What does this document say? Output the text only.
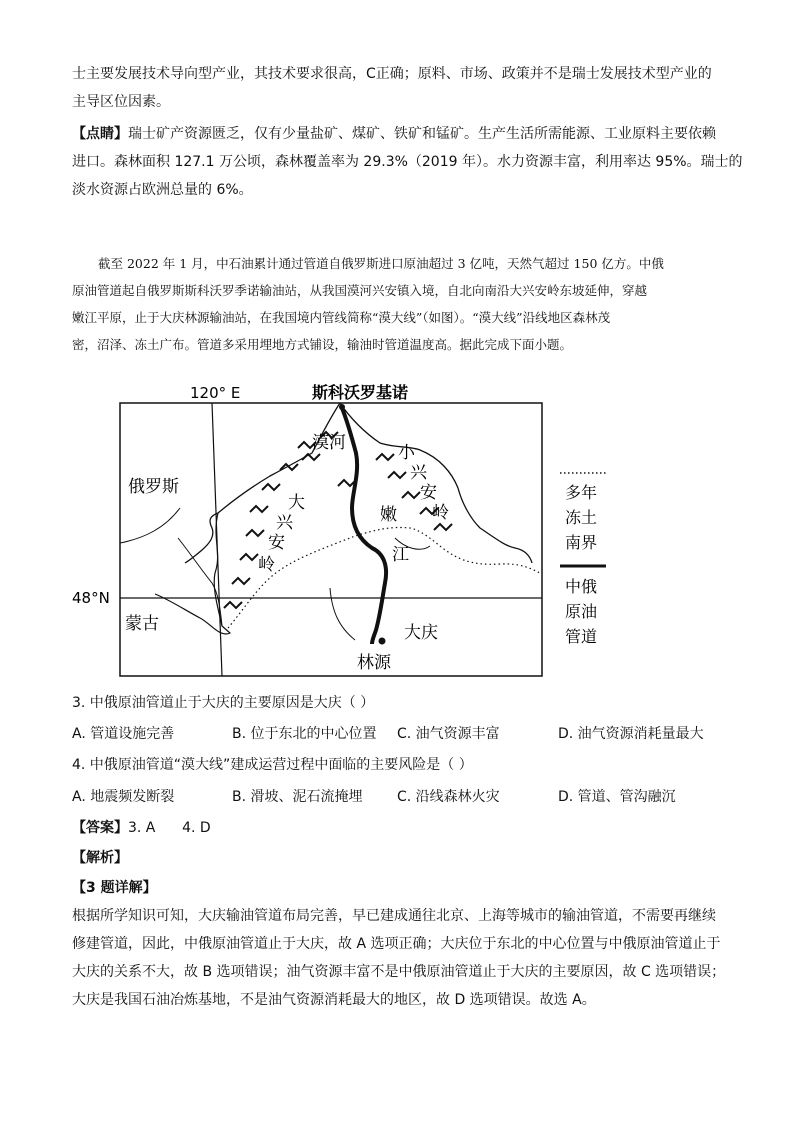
士主要发展技术导向型产业，其技术要求很高，C正确；原料、市场、政策并不是瑞士发展技术型产业的
主导区位因素。
【点睛】瑞士矿产资源匮乏，仅有少量盐矿、煤矿、铁矿和锰矿。生产生活所需能源、工业原料主要依赖
进口。森林面积 127.1 万公顷，森林覆盖率为 29.3%（2019 年）。水力资源丰富，利用率达 95%。瑞士的
淡水资源占欧洲总量的 6%。
截至 2022 年 1 月，中石油累计通过管道自俄罗斯进口原油超过 3 亿吨，天然气超过 150 亿方。中俄
原油管道起自俄罗斯斯科沃罗季诺输油站，从我国漠河兴安镇入境，自北向南沿大兴安岭东坡延伸，穿越
嫩江平原，止于大庆林源输油站，在我国境内管线简称“漠大线”（如图）。“漠大线”沿线地区森林茂
密，沼泽、冻土广布。管道多采用埋地方式铺设，输油时管道温度高。据此完成下面小题。
120° E	斯科沃罗基诺
48°N
俄罗斯
蒙古
漠河
大庆
林源
大
兴
安
岭
小
兴
安
岭
嫩
江
多年
冻土
南界
中俄
原油
管道
3. 中俄原油管道止于大庆的主要原因是大庆（ ）
A. 管道设施完善	B. 位于东北的中心位置 C. 油气资源丰富	D. 油气资源消耗量最大
4. 中俄原油管道“漠大线”建成运营过程中面临的主要风险是（ ）
A. 地震频发断裂	B. 滑坡、泥石流掩埋 C. 沿线森林火灾	D. 管道、管沟融沉
【答案】3. A      4. D
【解析】
【3 题详解】
根据所学知识可知，大庆输油管道布局完善，早已建成通往北京、上海等城市的输油管道，不需要再继续
修建管道，因此，中俄原油管道止于大庆，故 A 选项正确；大庆位于东北的中心位置与中俄原油管道止于
大庆的关系不大，故 B 选项错误；油气资源丰富不是中俄原油管道止于大庆的主要原因，故 C 选项错误；
大庆是我国石油冶炼基地，不是油气资源消耗最大的地区，故 D 选项错误。故选 A。
